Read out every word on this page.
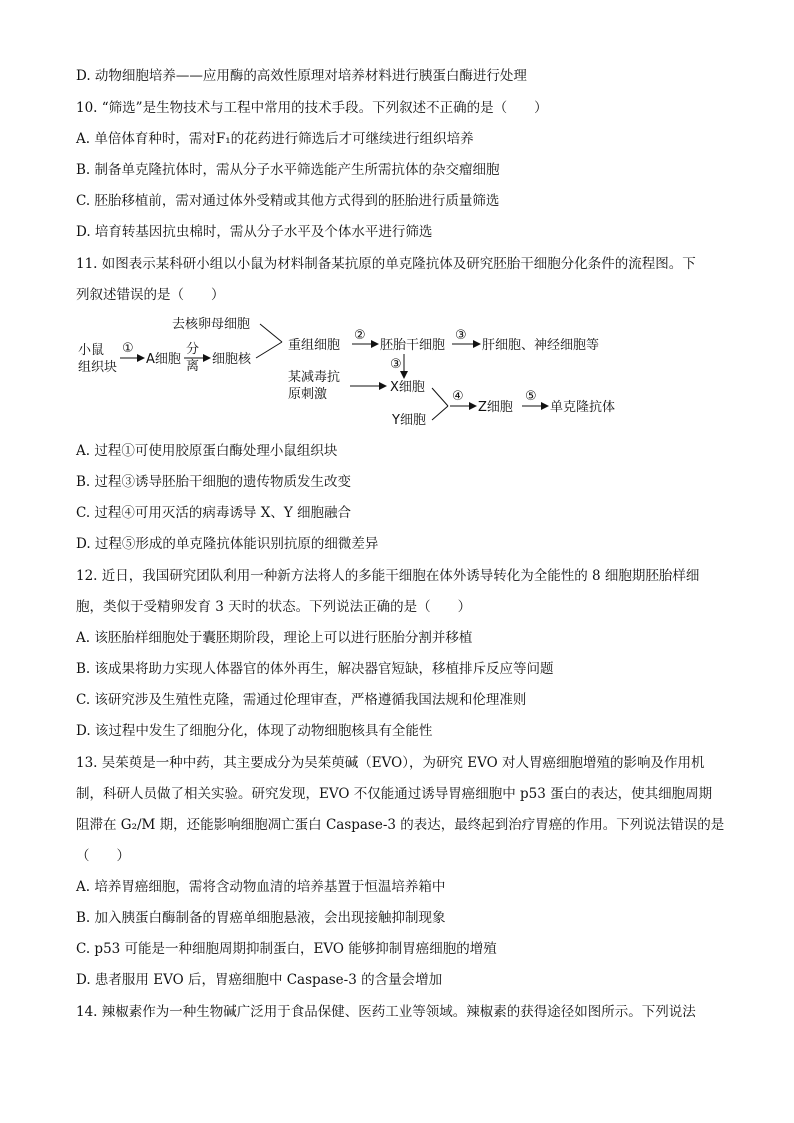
D. 动物细胞培养——应用酶的高效性原理对培养材料进行胰蛋白酶进行处理
10. “筛选”是生物技术与工程中常用的技术手段。下列叙述不正确的是（　　）
A. 单倍体育种时，需对F₁的花药进行筛选后才可继续进行组织培养
B. 制备单克隆抗体时，需从分子水平筛选能产生所需抗体的杂交瘤细胞
C. 胚胎移植前，需对通过体外受精或其他方式得到的胚胎进行质量筛选
D. 培育转基因抗虫棉时，需从分子水平及个体水平进行筛选
11. 如图表示某科研小组以小鼠为材料制备某抗原的单克隆抗体及研究胚胎干细胞分化条件的流程图。下
列叙述错误的是（　　）
小鼠
组织块
①
A细胞
分
离 细胞核
去核卵母细胞
重组细胞
②
胚胎干细胞
③
肝细胞、神经细胞等
③
某减毒抗
原刺激	X细胞
Y细胞
④
Z细胞
⑤
单克隆抗体
A. 过程①可使用胶原蛋白酶处理小鼠组织块
B. 过程③诱导胚胎干细胞的遗传物质发生改变
C. 过程④可用灭活的病毒诱导 X、Y 细胞融合
D. 过程⑤形成的单克隆抗体能识别抗原的细微差异
12. 近日，我国研究团队利用一种新方法将人的多能干细胞在体外诱导转化为全能性的 8 细胞期胚胎样细
胞，类似于受精卵发育 3 天时的状态。下列说法正确的是（　　）
A. 该胚胎样细胞处于囊胚期阶段，理论上可以进行胚胎分割并移植
B. 该成果将助力实现人体器官的体外再生，解决器官短缺，移植排斥反应等问题
C. 该研究涉及生殖性克隆，需通过伦理审查，严格遵循我国法规和伦理准则
D. 该过程中发生了细胞分化，体现了动物细胞核具有全能性
13. 吴茱萸是一种中药，其主要成分为吴茱萸碱（EVO），为研究 EVO 对人胃癌细胞增殖的影响及作用机
制，科研人员做了相关实验。研究发现，EVO 不仅能通过诱导胃癌细胞中 p53 蛋白的表达，使其细胞周期
阻滞在 G₂/M 期，还能影响细胞凋亡蛋白 Caspase-3 的表达，最终起到治疗胃癌的作用。下列说法错误的是
（　　）
A. 培养胃癌细胞，需将含动物血清的培养基置于恒温培养箱中
B. 加入胰蛋白酶制备的胃癌单细胞悬液，会出现接触抑制现象
C. p53 可能是一种细胞周期抑制蛋白，EVO 能够抑制胃癌细胞的增殖
D. 患者服用 EVO 后，胃癌细胞中 Caspase-3 的含量会增加
14. 辣椒素作为一种生物碱广泛用于食品保健、医药工业等领域。辣椒素的获得途径如图所示。下列说法
